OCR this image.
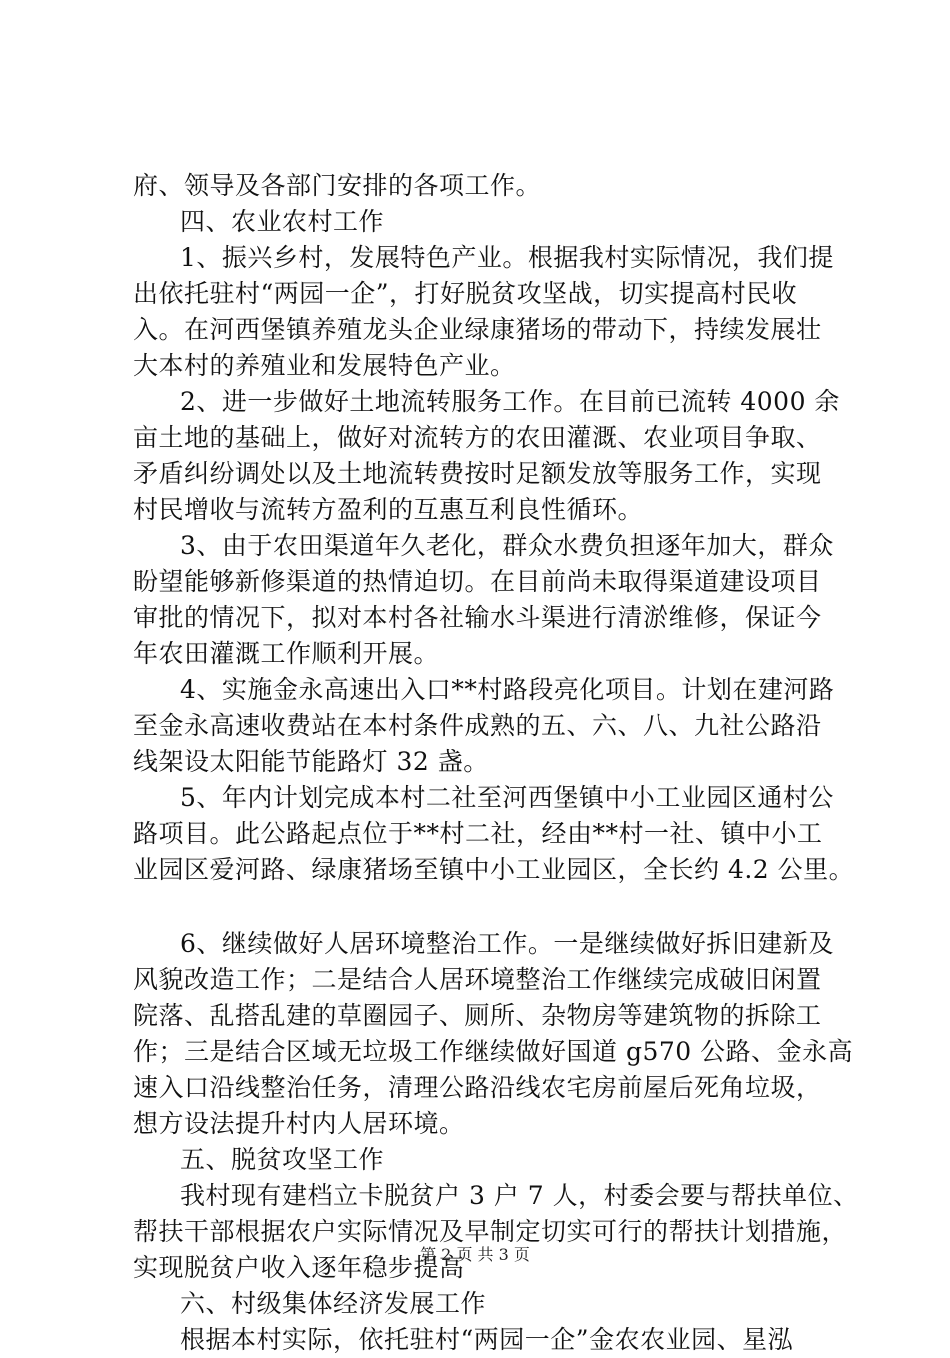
府、领导及各部门安排的各项工作。
四、农业农村工作
1、振兴乡村，发展特色产业。根据我村实际情况，我们提
出依托驻村“两园一企”，打好脱贫攻坚战，切实提高村民收
入。在河西堡镇养殖龙头企业绿康猪场的带动下，持续发展壮
大本村的养殖业和发展特色产业。
2、进一步做好土地流转服务工作。在目前已流转 4000 余
亩土地的基础上，做好对流转方的农田灌溉、农业项目争取、
矛盾纠纷调处以及土地流转费按时足额发放等服务工作，实现
村民增收与流转方盈利的互惠互利良性循环。
3、由于农田渠道年久老化，群众水费负担逐年加大，群众
盼望能够新修渠道的热情迫切。在目前尚未取得渠道建设项目
审批的情况下，拟对本村各社输水斗渠进行清淤维修，保证今
年农田灌溉工作顺利开展。
4、实施金永高速出入口**村路段亮化项目。计划在建河路
至金永高速收费站在本村条件成熟的五、六、八、九社公路沿
线架设太阳能节能路灯 32 盏。
5、年内计划完成本村二社至河西堡镇中小工业园区通村公
路项目。此公路起点位于**村二社，经由**村一社、镇中小工
业园区爱河路、绿康猪场至镇中小工业园区，全长约 4.2 公里。
6、继续做好人居环境整治工作。一是继续做好拆旧建新及
风貌改造工作；二是结合人居环境整治工作继续完成破旧闲置
院落、乱搭乱建的草圈园子、厕所、杂物房等建筑物的拆除工
作；三是结合区域无垃圾工作继续做好国道 g570 公路、金永高
速入口沿线整治任务，清理公路沿线农宅房前屋后死角垃圾，
想方设法提升村内人居环境。
五、脱贫攻坚工作
我村现有建档立卡脱贫户 3 户 7 人，村委会要与帮扶单位、
帮扶干部根据农户实际情况及早制定切实可行的帮扶计划措施，
实现脱贫户收入逐年稳步提高
六、村级集体经济发展工作
根据本村实际，依托驻村“两园一企”金农农业园、星泓
第 2 页 共 3 页
